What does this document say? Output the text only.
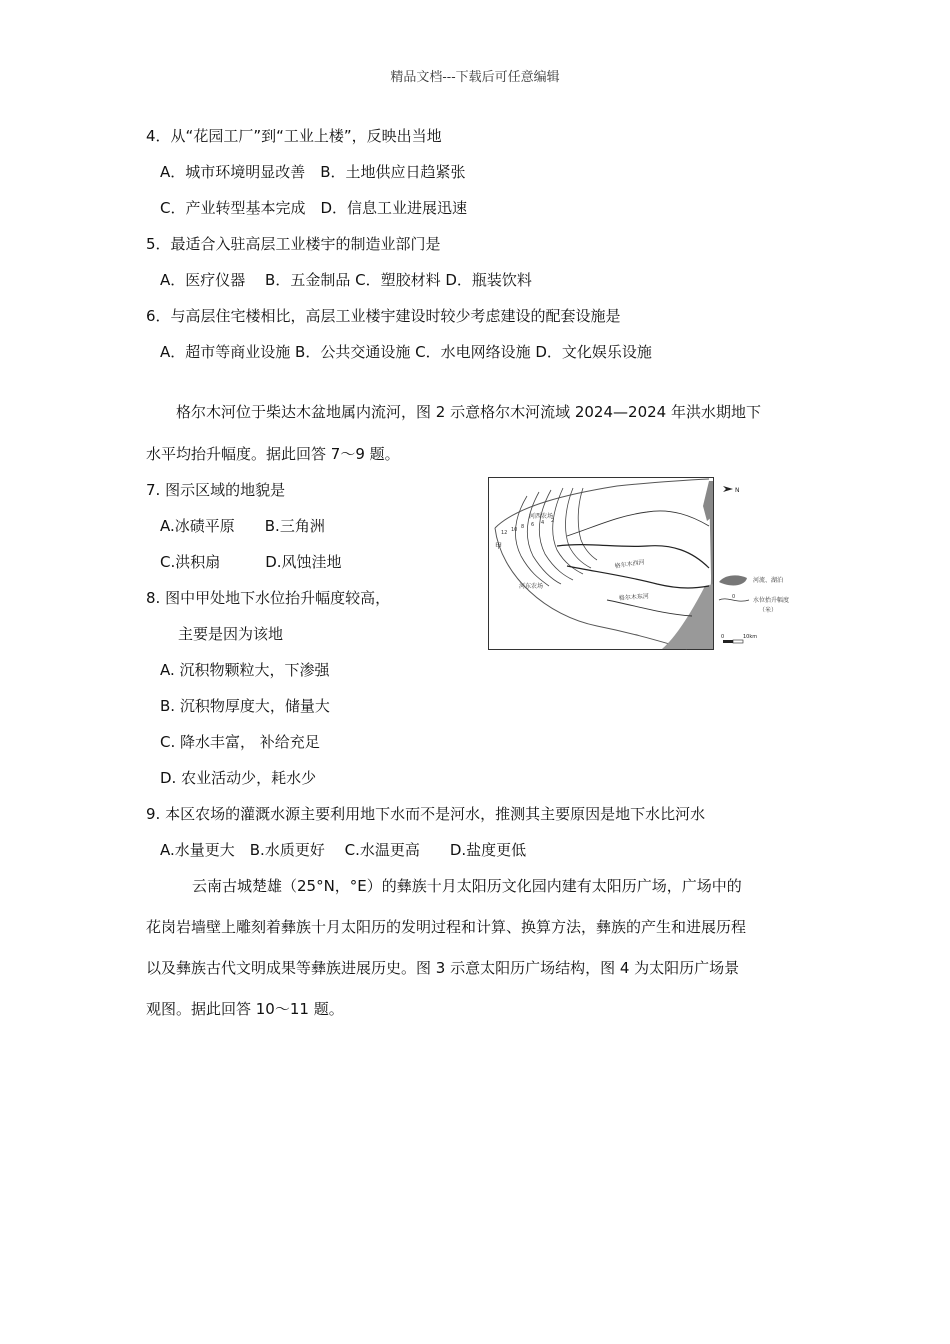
精品文档---下载后可任意编辑
4．从“花园工厂”到“工业上楼”，反映出当地
A．城市环境明显改善　B．土地供应日趋紧张
C．产业转型基本完成　D．信息工业进展迅速
5．最适合入驻高层工业楼宇的制造业部门是
A．医疗仪器　 B．五金制品 C．塑胶材料 D．瓶装饮料
6．与高层住宅楼相比，高层工业楼宇建设时较少考虑建设的配套设施是
A．超市等商业设施 B．公共交通设施 C．水电网络设施 D．文化娱乐设施
格尔木河位于柴达木盆地属内流河，图 2 示意格尔木河流域 2024—2024 年洪水期地下
水平均抬升幅度。据此回答 7～9 题。
7. 图示区域的地貌是
A.冰碛平原　　B.三角洲
C.洪积扇　　　D.风蚀洼地
8. 图中甲处地下水位抬升幅度较高，
主要是因为该地
A. 沉积物颗粒大，下渗强
B. 沉积物厚度大，储量大
C. 降水丰富， 补给充足
D. 农业活动少，耗水少
9. 本区农场的灌溉水源主要利用地下水而不是河水，推测其主要原因是地下水比河水
A.水量更大　B.水质更好　 C.水温更高　　D.盐度更低
云南古城楚雄（25°N，°E）的彝族十月太阳历文化园内建有太阳历广场，广场中的
花岗岩墙壁上雕刻着彝族十月太阳历的发明过程和计算、换算方法，彝族的产生和进展历程
以及彝族古代文明成果等彝族进展历史。图 3 示意太阳历广场结构，图 4 为太阳历广场景
观图。据此回答 10～11 题。
河西农场
河东农场
格尔木西河
格尔木东河
甲
12 10 8 6 4 2
N
河流、湖泊
0	水位抬升幅度
（米）
0	10km
